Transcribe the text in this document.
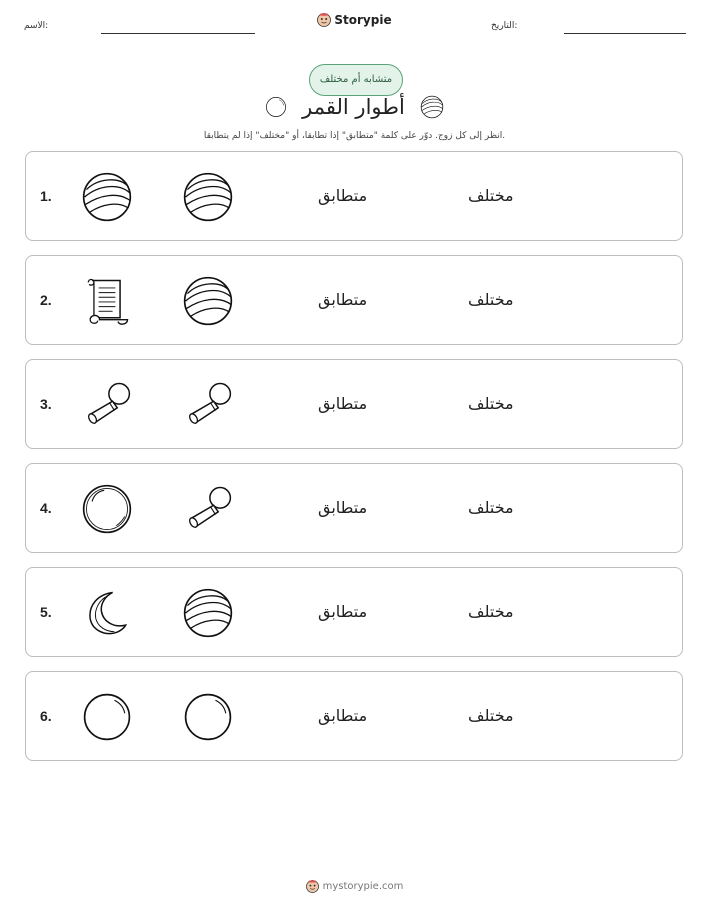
الاسم:	Storypie	التاريخ:
متشابه أم مختلف
أطوار القمر
انظر إلى كل زوج. دوّر على كلمة "متطابق" إذا تطابقا، أو "مختلف" إذا لم يتطابقا.
1.	متطابق	مختلف
2.	متطابق	مختلف
3.	متطابق	مختلف
4.	متطابق	مختلف
5.	متطابق	مختلف
6.	متطابق	مختلف
mystorypie.com
